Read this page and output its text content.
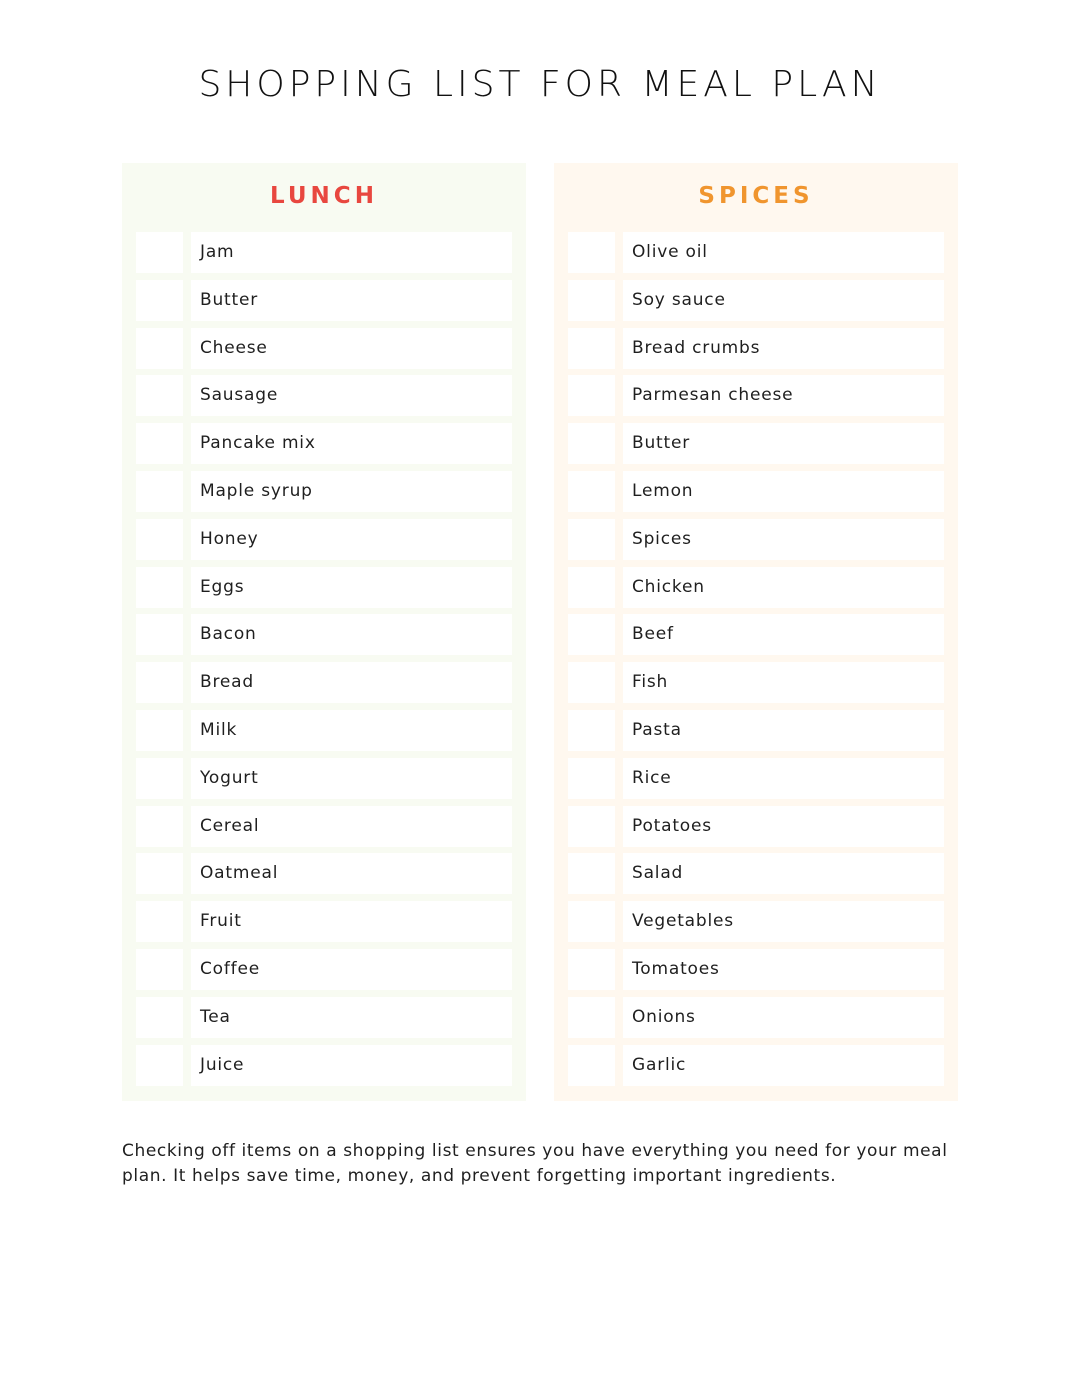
SHOPPING LIST FOR MEAL PLAN
LUNCH
Jam
Butter
Cheese
Sausage
Pancake mix
Maple syrup
Honey
Eggs
Bacon
Bread
Milk
Yogurt
Cereal
Oatmeal
Fruit
Coffee
Tea
Juice
SPICES
Olive oil
Soy sauce
Bread crumbs
Parmesan cheese
Butter
Lemon
Spices
Chicken
Beef
Fish
Pasta
Rice
Potatoes
Salad
Vegetables
Tomatoes
Onions
Garlic

Checking off items on a shopping list ensures you have everything you need for your meal plan. It helps save time, money, and prevent forgetting important ingredients.
